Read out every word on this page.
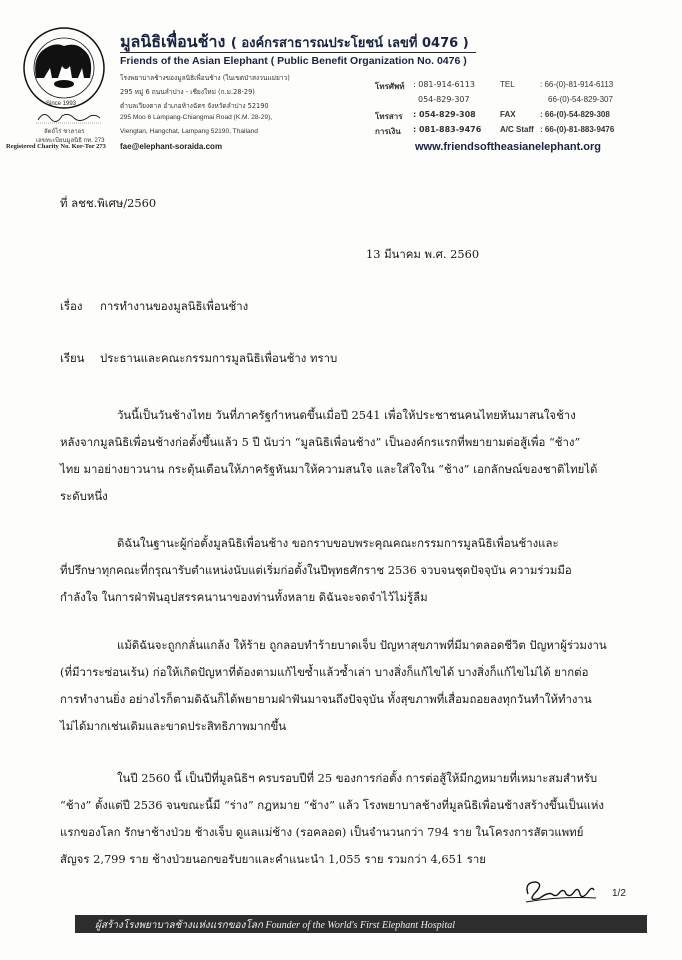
Since 1993
ลัตถ์ไร่ ชาลาอร
เลขทะเบียนมูลนิธิ กท. 273
Registered Charity No. Kor-Tor 273
มูลนิธิเพื่อนช้าง ( องค์กรสาธารณประโยชน์ เลขที่ 0476 )
Friends of the Asian Elephant ( Public Benefit Organization No. 0476 )
โรงพยาบาลช้างของมูลนิธิเพื่อนช้าง (ในเขตป่าสงวนแม่ยาว)
295 หมู่ 6 ถนนลำปาง - เชียงใหม่ (ก.ม.28-29)
ตำบลเวียงตาล อำเภอห้างฉัตร จังหวัดลำปาง 52190
295 Moo 6 Lampang-Chiangmai Road (K.M. 28-29),
Viengtan, Hangchat, Lampang 52190, Thailand
fae@elephant-soraida.com
โทรศัพท์ : 081-914-6113
054-829-307
โทรสาร : 054-829-308
การเงิน : 081-883-9476
TEL	: 66-(0)-81-914-6113
66-(0)-54-829-307
FAX	: 66-(0)-54-829-308
A/C Staff : 66-(0)-81-883-9476
www.friendsoftheasianelephant.org
ที่ ลชช.พิเศษ/2560
13 มีนาคม พ.ศ. 2560
เรื่อง การทำงานของมูลนิธิเพื่อนช้าง
เรียน ประธานและคณะกรรมการมูลนิธิเพื่อนช้าง ทราบ
วันนี้เป็นวันช้างไทย วันที่ภาครัฐกำหนดขึ้นเมื่อปี 2541 เพื่อให้ประชาชนคนไทยหันมาสนใจช้าง
หลังจากมูลนิธิเพื่อนช้างก่อตั้งขึ้นแล้ว 5 ปี นับว่า “มูลนิธิเพื่อนช้าง” เป็นองค์กรแรกที่พยายามต่อสู้เพื่อ “ช้าง”
ไทย มาอย่างยาวนาน กระตุ้นเตือนให้ภาครัฐหันมาให้ความสนใจ และใส่ใจใน “ช้าง” เอกลักษณ์ของชาติไทยได้
ระดับหนึ่ง
ดิฉันในฐานะผู้ก่อตั้งมูลนิธิเพื่อนช้าง ขอกราบขอบพระคุณคณะกรรมการมูลนิธิเพื่อนช้างและ
ที่ปรึกษาทุกคณะที่กรุณารับตำแหน่งนับแต่เริ่มก่อตั้งในปีพุทธศักราช 2536 จวบจนชุดปัจจุบัน ความร่วมมือ
กำลังใจ ในการฝ่าฟันอุปสรรคนานาของท่านทั้งหลาย ดิฉันจะจดจำไว้ไม่รู้ลืม
แม้ดิฉันจะถูกกลั่นแกล้ง ให้ร้าย ถูกลอบทำร้ายบาดเจ็บ ปัญหาสุขภาพที่มีมาตลอดชีวิต ปัญหาผู้ร่วมงาน
(ที่มีวาระซ่อนเร้น) ก่อให้เกิดปัญหาที่ต้องตามแก้ไขซ้ำแล้วซ้ำเล่า บางสิ่งก็แก้ไขได้ บางสิ่งก็แก้ไขไม่ได้ ยากต่อ
การทำงานยิ่ง อย่างไรก็ตามดิฉันก็ได้พยายามฝ่าฟันมาจนถึงปัจจุบัน ทั้งสุขภาพที่เสื่อมถอยลงทุกวันทำให้ทำงาน
ไม่ได้มากเช่นเดิมและขาดประสิทธิภาพมากขึ้น
ในปี 2560 นี้ เป็นปีที่มูลนิธิฯ ครบรอบปีที่ 25 ของการก่อตั้ง การต่อสู้ให้มีกฎหมายที่เหมาะสมสำหรับ
“ช้าง” ตั้งแต่ปี 2536 จนขณะนี้มี “ร่าง” กฎหมาย “ช้าง” แล้ว โรงพยาบาลช้างที่มูลนิธิเพื่อนช้างสร้างขึ้นเป็นแห่ง
แรกของโลก รักษาช้างป่วย ช้างเจ็บ ดูแลแม่ช้าง (รอคลอด) เป็นจำนวนกว่า 794 ราย ในโครงการสัตวแพทย์
สัญจร 2,799 ราย ช้างป่วยนอกขอรับยาและคำแนะนำ 1,055 ราย รวมกว่า 4,651 ราย
1/2
ผู้สร้างโรงพยาบาลช้างแห่งแรกของโลก Founder of the World's First Elephant Hospital
